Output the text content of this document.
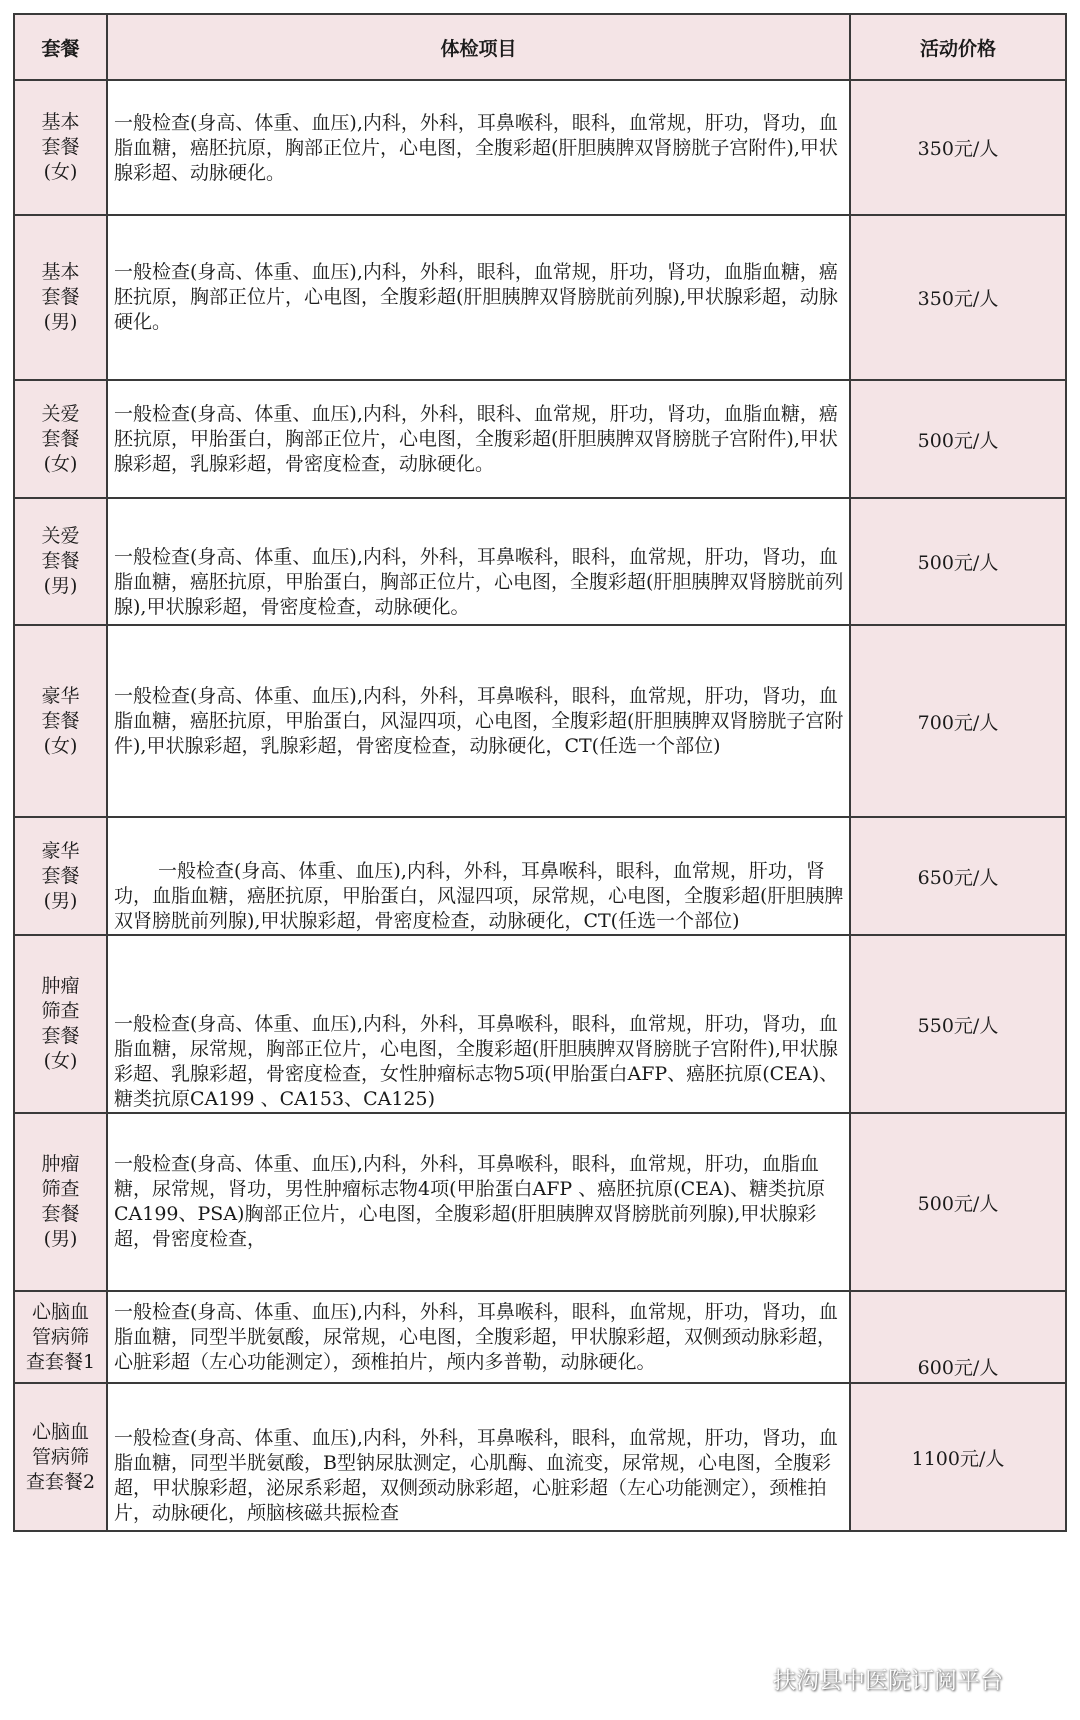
套餐	体检项目	活动价格

基本
套餐
(女)	一般检查(身高、体重、血压),内科，外科，耳鼻喉科，眼科，血常规，肝功，肾功，血脂血糖，癌胚抗原，胸部正位片，心电图，全腹彩超(肝胆胰脾双肾膀胱子宫附件),甲状腺彩超、动脉硬化。	350元/人

基本
套餐
(男)	一般检查(身高、体重、血压),内科，外科，眼科，血常规，肝功，肾功，血脂血糖，癌胚抗原，胸部正位片，心电图，全腹彩超(肝胆胰脾双肾膀胱前列腺),甲状腺彩超，动脉硬化。	350元/人

关爱
套餐
(女)	一般检查(身高、体重、血压),内科，外科，眼科、血常规，肝功，肾功，血脂血糖，癌胚抗原，甲胎蛋白，胸部正位片，心电图，全腹彩超(肝胆胰脾双肾膀胱子宫附件),甲状腺彩超，乳腺彩超，骨密度检查，动脉硬化。	500元/人

关爱
套餐
(男)	一般检查(身高、体重、血压),内科，外科，耳鼻喉科，眼科，血常规，肝功，肾功，血脂血糖，癌胚抗原，甲胎蛋白，胸部正位片，心电图，全腹彩超(肝胆胰脾双肾膀胱前列腺),甲状腺彩超，骨密度检查，动脉硬化。	500元/人

豪华
套餐
(女)	一般检查(身高、体重、血压),内科，外科，耳鼻喉科，眼科，血常规，肝功，肾功，血脂血糖，癌胚抗原，甲胎蛋白，风湿四项，心电图，全腹彩超(肝胆胰脾双肾膀胱子宫附件),甲状腺彩超，乳腺彩超，骨密度检查，动脉硬化，CT(任选一个部位)	700元/人

豪华
套餐
(男)	一般检查(身高、体重、血压),内科，外科，耳鼻喉科，眼科，血常规，肝功，肾功，血脂血糖，癌胚抗原，甲胎蛋白，风湿四项，尿常规，心电图，全腹彩超(肝胆胰脾双肾膀胱前列腺),甲状腺彩超，骨密度检查，动脉硬化，CT(任选一个部位)	650元/人

肿瘤
筛查
套餐
(女)	一般检查(身高、体重、血压),内科，外科，耳鼻喉科，眼科，血常规，肝功，肾功，血脂血糖，尿常规，胸部正位片，心电图，全腹彩超(肝胆胰脾双肾膀胱子宫附件),甲状腺彩超、乳腺彩超，骨密度检查，女性肿瘤标志物5项(甲胎蛋白AFP、癌胚抗原(CEA)、糖类抗原CA199 、CA153、CA125)	550元/人

肿瘤
筛查
套餐
(男)	一般检查(身高、体重、血压),内科，外科，耳鼻喉科，眼科，血常规，肝功，血脂血糖，尿常规，肾功，男性肿瘤标志物4项(甲胎蛋白AFP 、癌胚抗原(CEA)、糖类抗原CA199、PSA)胸部正位片，心电图，全腹彩超(肝胆胰脾双肾膀胱前列腺),甲状腺彩超，骨密度检查，	500元/人

心脑血
管病筛
查套餐1	一般检查(身高、体重、血压),内科，外科，耳鼻喉科，眼科，血常规，肝功，肾功，血脂血糖，同型半胱氨酸，尿常规，心电图，全腹彩超，甲状腺彩超，双侧颈动脉彩超，心脏彩超（左心功能测定），颈椎拍片，颅内多普勒，动脉硬化。	600元/人

心脑血
管病筛
查套餐2	一般检查(身高、体重、血压),内科，外科，耳鼻喉科，眼科，血常规，肝功，肾功，血脂血糖，同型半胱氨酸，B型钠尿肽测定，心肌酶、血流变，尿常规，心电图，全腹彩超，甲状腺彩超，泌尿系彩超，双侧颈动脉彩超，心脏彩超（左心功能测定），颈椎拍片，动脉硬化，颅脑核磁共振检查	1100元/人
扶沟县中医院订阅平台
